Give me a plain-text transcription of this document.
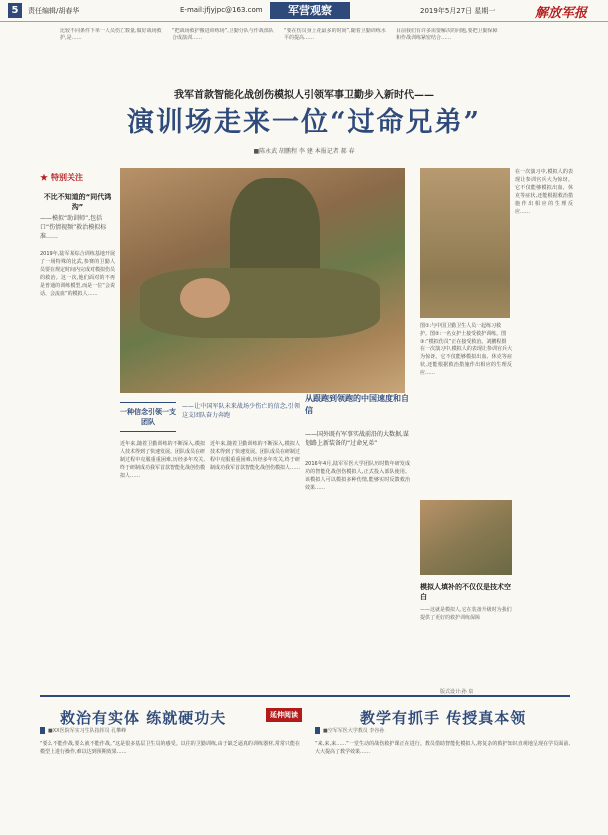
5	责任编辑/胡春华	E-mail:jfjyjpc@163.com	军营观察	2019年5月27日 星期一	解放军报
比较不同条件下单一人员伤亡数量,做好战场救护,是……
“把战场救护搬进训练场”,卫勤分队与作战部队合成演训……
“要在伤员身上花最多的时间”,随着卫勤训练水平的提高……
目前我们有许多需要解决的问题,要把卫勤保障和作战训练紧密结合……
我军首款智能化战创伤模拟人引领军事卫勤步入新时代——
演训场走来一位“过命兄弟”
■陈永武 胡鹏程 李 建 本报记者 郝 春
特别关注
不比不知道的“同代鸿沟”
——模拟“助训师”,包括口“伤情视频”救治模拟标准……
2019年,陆军某综合训练基地开展了一场特殊的比武,参赛的卫勤人员要在规定时间内完成对模拟伤员的救治。这一次,他们面对的不再是普通的训练模型,而是一位“会说话、会流血”的模拟人……
图①:与中国卫勤卫生人员一起练习救护。图②:一名女护士接受救护训练。图③:“模拟伤员”正在接受救治。刘鹏程摄
一种信念引领一支团队
——让中国军队未来战场少伤亡的信念,引领这支团队奋力奔跑
近年来,随着卫勤训练的不断深入,模拟人技术得到了快速发展。团队成员在研制过程中克服重重困难,历经多年攻关,终于研制成功我军首款智能化战创伤模拟人……
近年来,随着卫勤训练的不断深入,模拟人技术得到了快速发展。团队成员在研制过程中克服重重困难,历经多年攻关,终于研制成功我军首款智能化战创伤模拟人……
从跟跑到领跑的中国速度和自信
——国外既有军事实战前沿的大数据,谋划路上新装备的“过命兄弟”
2016年4月,陆军军医大学团队历时数年研发成功的智能化战创伤模拟人,正式投入部队使用。该模拟人可以模拟多种伤情,能够实时反馈救治效果……
在一次演习中,模拟人的表现让参训官兵大为惊讶。它不仅能够模拟出血、休克等症状,还能根据救治措施作出相应的生理反应……
模拟人填补的不仅仅是技术空白
——这就是模拟人,它在装备升级时为我们提供了更好的救护训练保障
在一次演习中,模拟人的表现让参训官兵大为惊讶。它不仅能够模拟出血、休克等症状,还能根据救治措施作出相应的生理反应……
版式设计:孙 泉
救治有实体 练就硬功夫	延伸阅读
■XX医院军实习生队指挥员 孔攀峰
“要么不能作战,要么就不能作战。”这是很多基层卫生员的感受。以往的卫勤训练,由于缺乏逼真的训练器材,常常只能在模型上进行操作,难以达到预期效果……
教学有抓手 传授真本领
■空军军医大学教员 李谷孙
“来,来,来……”一堂生动的战伤救护课正在进行。教员借助智能化模拟人,将复杂的救护知识直观地呈现在学员面前,大大提高了教学效果……
